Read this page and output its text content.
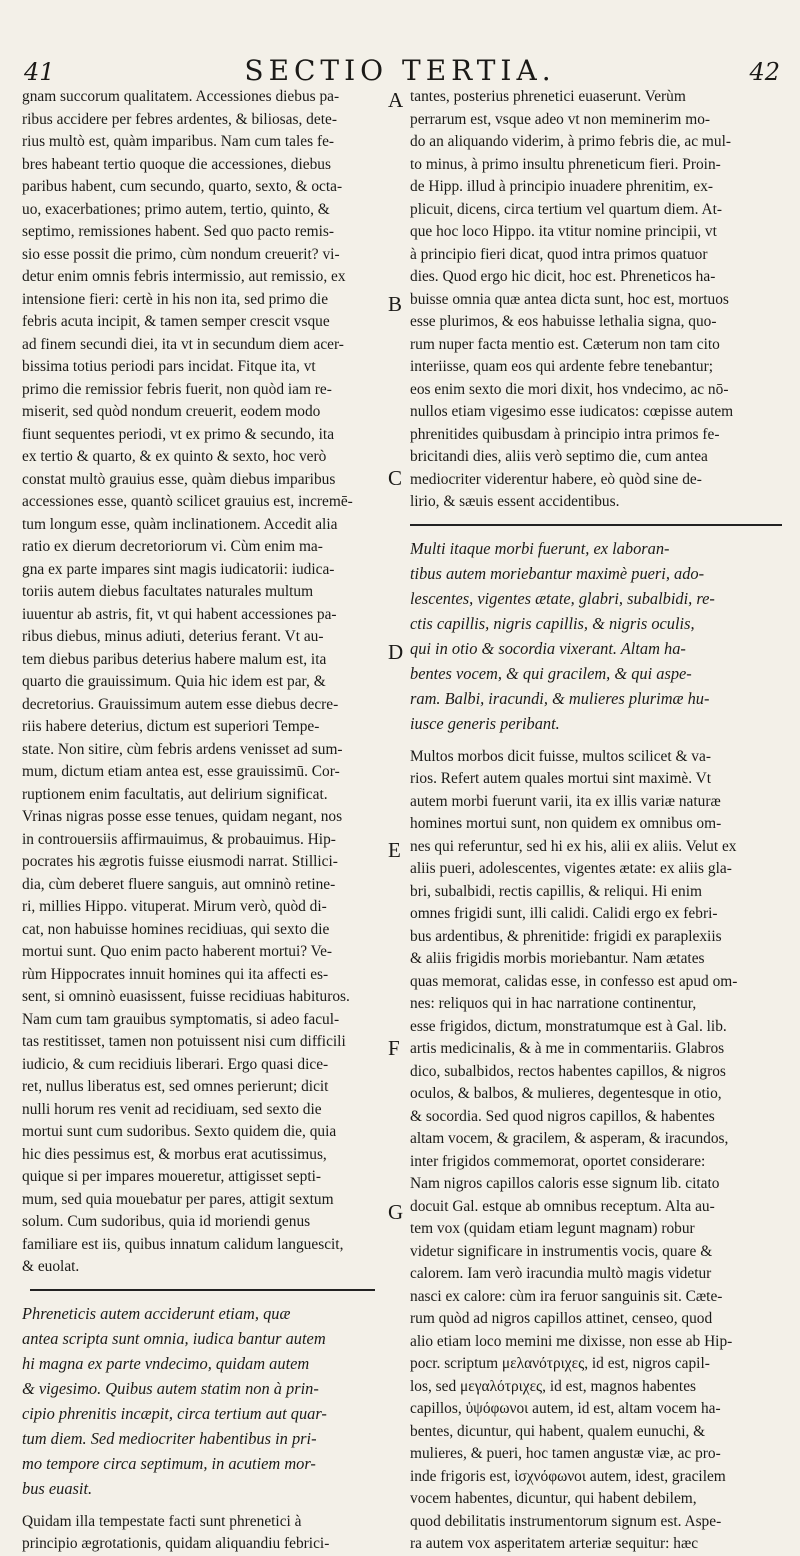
41	SECTIO TERTIA.	42
gnam succorum qualitatem. Accessiones diebus pa-
ribus accidere per febres ardentes, & biliosas, dete-
rius multò est, quàm imparibus. Nam cum tales fe-
bres habeant tertio quoque die accessiones, diebus
paribus habent, cum secundo, quarto, sexto, & octa-
uo, exacerbationes; primo autem, tertio, quinto, &
septimo, remissiones habent. Sed quo pacto remis-
sio esse possit die primo, cùm nondum creuerit? vi-
detur enim omnis febris intermissio, aut remissio, ex
intensione fieri: certè in his non ita, sed primo die
febris acuta incipit, & tamen semper crescit vsque
ad finem secundi diei, ita vt in secundum diem acer-
bissima totius periodi pars incidat. Fitque ita, vt
primo die remissior febris fuerit, non quòd iam re-
miserit, sed quòd nondum creuerit, eodem modo
fiunt sequentes periodi, vt ex primo & secundo, ita
ex tertio & quarto, & ex quinto & sexto, hoc verò
constat multò grauius esse, quàm diebus imparibus
accessiones esse, quantò scilicet grauius est, incremē-
tum longum esse, quàm inclinationem. Accedit alia
ratio ex dierum decretoriorum vi. Cùm enim ma-
gna ex parte impares sint magis iudicatorii: iudica-
toriis autem diebus facultates naturales multum
iuuentur ab astris, fit, vt qui habent accessiones pa-
ribus diebus, minus adiuti, deterius ferant. Vt au-
tem diebus paribus deterius habere malum est, ita
quarto die grauissimum. Quia hic idem est par, &
decretorius. Grauissimum autem esse diebus decre-
riis habere deterius, dictum est superiori Tempe-
state. Non sitire, cùm febris ardens venisset ad sum-
mum, dictum etiam antea est, esse grauissimū. Cor-
ruptionem enim facultatis, aut delirium significat.
Vrinas nigras posse esse tenues, quidam negant, nos
in controuersiis affirmauimus, & probauimus. Hip-
pocrates his ægrotis fuisse eiusmodi narrat. Stillici-
dia, cùm deberet fluere sanguis, aut omninò retine-
ri, millies Hippo. vituperat. Mirum verò, quòd di-
cat, non habuisse homines recidiuas, qui sexto die
mortui sunt. Quo enim pacto haberent mortui? Ve-
rùm Hippocrates innuit homines qui ita affecti es-
sent, si omninò euasissent, fuisse recidiuas habituros.
Nam cum tam grauibus symptomatis, si adeo facul-
tas restitisset, tamen non potuissent nisi cum difficili
iudicio, & cum recidiuis liberari. Ergo quasi dice-
ret, nullus liberatus est, sed omnes perierunt; dicit
nulli horum res venit ad recidiuam, sed sexto die
mortui sunt cum sudoribus. Sexto quidem die, quia
hic dies pessimus est, & morbus erat acutissimus,
quique si per impares moueretur, attigisset septi-
mum, sed quia mouebatur per pares, attigit sextum
solum. Cum sudoribus, quia id moriendi genus
familiare est iis, quibus innatum calidum languescit,
& euolat.
Phreneticis autem acciderunt etiam, quæ
antea scripta sunt omnia, iudica bantur autem
hi magna ex parte vndecimo, quidam autem
& vigesimo. Quibus autem statim non à prin-
cipio phrenitis incæpit, circa tertium aut quar-
tum diem. Sed mediocriter habentibus in pri-
mo tempore circa septimum, in acutiem mor-
bus euasit.
Quidam illa tempestate facti sunt phrenetici à
principio ægrotationis, quidam aliquandiu febrici-
tantes, posterius phrenetici euaserunt. Verùm
perrarum est, vsque adeo vt non meminerim mo-
do an aliquando viderim, à primo febris die, ac mul-
to minus, à primo insultu phreneticum fieri. Proin-
de Hipp. illud à principio inuadere phrenitim, ex-
plicuit, dicens, circa tertium vel quartum diem. At-
que hoc loco Hippo. ita vtitur nomine principii, vt
à principio fieri dicat, quod intra primos quatuor
dies. Quod ergo hic dicit, hoc est. Phreneticos ha-
buisse omnia quæ antea dicta sunt, hoc est, mortuos
esse plurimos, & eos habuisse lethalia signa, quo-
rum nuper facta mentio est. Cæterum non tam cito
interiisse, quam eos qui ardente febre tenebantur;
eos enim sexto die mori dixit, hos vndecimo, ac nō-
nullos etiam vigesimo esse iudicatos: cœpisse autem
phrenitides quibusdam à principio intra primos fe-
bricitandi dies, aliis verò septimo die, cum antea
mediocriter viderentur habere, eò quòd sine de-
lirio, & sæuis essent accidentibus.
Multi itaque morbi fuerunt, ex laboran-
tibus autem moriebantur maximè pueri, ado-
lescentes, vigentes ætate, glabri, subalbidi, re-
ctis capillis, nigris capillis, & nigris oculis,
qui in otio & socordia vixerant. Altam ha-
bentes vocem, & qui gracilem, & qui aspe-
ram. Balbi, iracundi, & mulieres plurimæ hu-
iusce generis peribant.
Multos morbos dicit fuisse, multos scilicet & va-
rios. Refert autem quales mortui sint maximè. Vt
autem morbi fuerunt varii, ita ex illis variæ naturæ
homines mortui sunt, non quidem ex omnibus om-
nes qui referuntur, sed hi ex his, alii ex aliis. Velut ex
aliis pueri, adolescentes, vigentes ætate: ex aliis gla-
bri, subalbidi, rectis capillis, & reliqui. Hi enim
omnes frigidi sunt, illi calidi. Calidi ergo ex febri-
bus ardentibus, & phrenitide: frigidi ex paraplexiis
& aliis frigidis morbis moriebantur. Nam ætates
quas memorat, calidas esse, in confesso est apud om-
nes: reliquos qui in hac narratione continentur,
esse frigidos, dictum, monstratumque est à Gal. lib.
artis medicinalis, & à me in commentariis. Glabros
dico, subalbidos, rectos habentes capillos, & nigros
oculos, & balbos, & mulieres, degentesque in otio,
& socordia. Sed quod nigros capillos, & habentes
altam vocem, & gracilem, & asperam, & iracundos,
inter frigidos commemorat, oportet considerare:
Nam nigros capillos caloris esse signum lib. citato
docuit Gal. estque ab omnibus receptum. Alta au-
tem vox (quidam etiam legunt magnam) robur
videtur significare in instrumentis vocis, quare &
calorem. Iam verò iracundia multò magis videtur
nasci ex calore: cùm ira feruor sanguinis sit. Cæte-
rum quòd ad nigros capillos attinet, censeo, quod
alio etiam loco memini me dixisse, non esse ab Hip-
pocr. scriptum μελανότριχες, id est, nigros capil-
los, sed μεγαλότριχες, id est, magnos habentes
capillos, ὑψόφωνοι autem, id est, altam vocem ha-
bentes, dicuntur, qui habent, qualem eunuchi, &
mulieres, & pueri, hoc tamen angustæ viæ, ac pro-
inde frigoris est, ἰσχνόφωνοι autem, idest, gracilem
vocem habentes, dicuntur, qui habent debilem,
quod debilitatis instrumentorum signum est. Aspe-
ra autem vox asperitatem arteriæ sequitur: hæc
A
B
C
D
E
F
G
